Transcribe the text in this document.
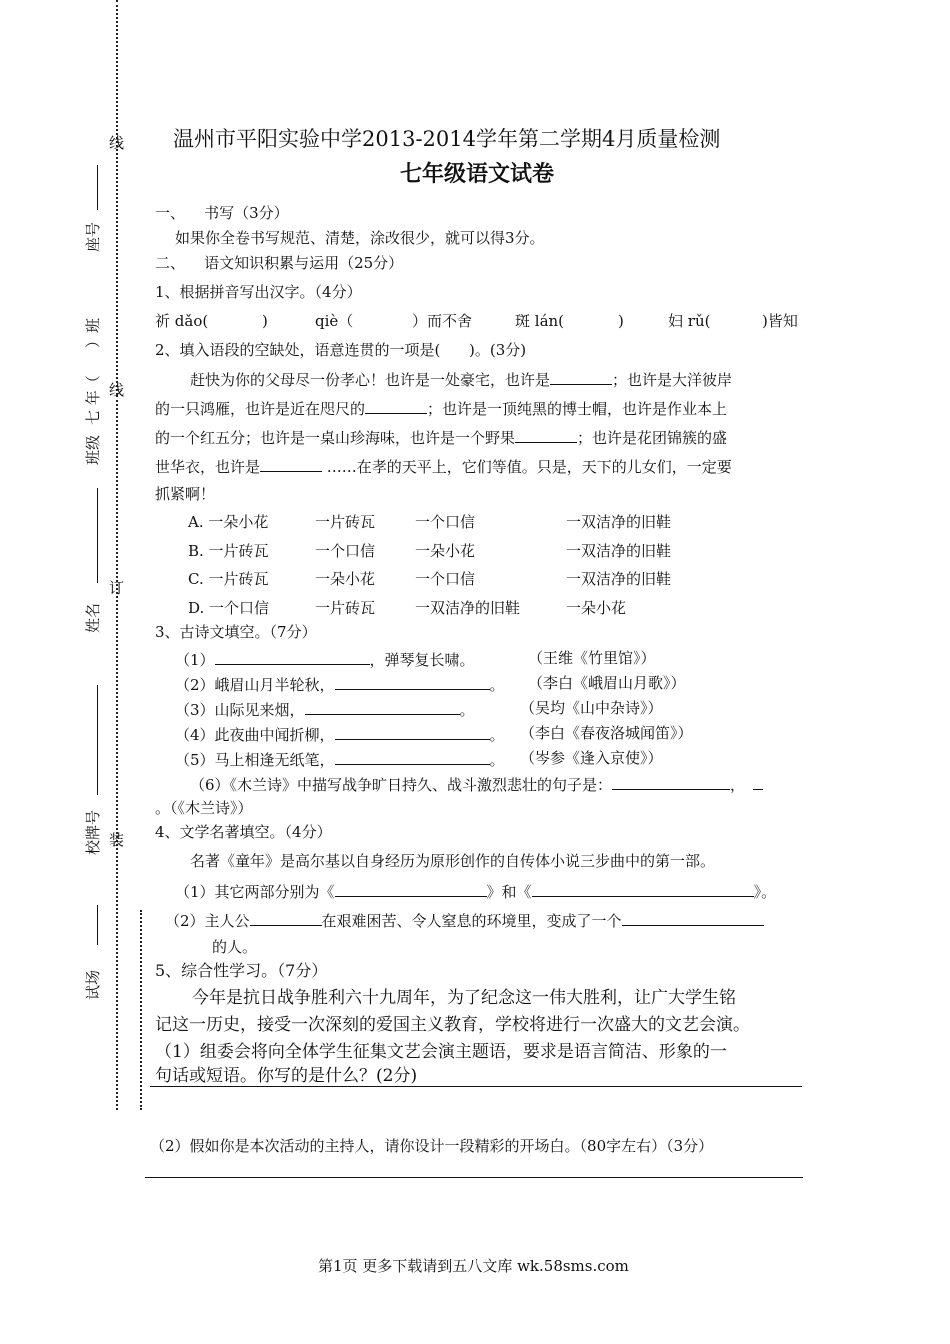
线
线
订
装
座号
）班
七 年（
班级
姓名
校牌号
试场
温州市平阳实验中学2013-2014学年第二学期4月质量检测
七年级语文试卷
一、    书写（3分）
如果你全卷书写规范、清楚，涂改很少，就可以得3分。
二、    语文知识积累与运用（25分）
1、根据拼音写出汉字。（4分）
祈 dǎo(	)	qiè（	）而不舍	斑 lán(	)	妇 rǔ(	)皆知
2、填入语段的空缺处，语意连贯的一项是(      )。(3分)
赶快为你的父母尽一份孝心！也许是一处豪宅，也许是	；也许是大洋彼岸
的一只鸿雁，也许是近在咫尺的	；也许是一顶纯黑的博士帽，也许是作业本上
的一个红五分；也许是一桌山珍海味，也许是一个野果	；也许是花团锦簇的盛
世华衣，也许是	……在孝的天平上，它们等值。只是，天下的儿女们，一定要
抓紧啊！
A. 一朵小花	一片砖瓦	一个口信	一双洁净的旧鞋
B. 一片砖瓦	一个口信	一朵小花	一双洁净的旧鞋
C. 一片砖瓦	一朵小花	一个口信	一双洁净的旧鞋
D. 一个口信	一片砖瓦	一双洁净的旧鞋	一朵小花
3、古诗文填空。（7分）
（1）	，弹琴复长啸。	（王维《竹里馆》）
（2）峨眉山月半轮秋，	。 （李白《峨眉山月歌》）
（3）山际见来烟，	。	（吴均《山中杂诗》）
（4）此夜曲中闻折柳，	。 （李白《春夜洛城闻笛》）
（5）马上相逢无纸笔，	。 （岑参《逢入京使》）
（6）《木兰诗》中描写战争旷日持久、战斗激烈悲壮的句子是：	，
。（《木兰诗》）
4、文学名著填空。（4分）
名著《童年》是高尔基以自身经历为原形创作的自传体小说三步曲中的第一部。
（1）其它两部分别为《	》和《	》。
（2）主人公	在艰难困苦、令人窒息的环境里，变成了一个
的人。
5、综合性学习。（7分）
今年是抗日战争胜利六十九周年，为了纪念这一伟大胜利，让广大学生铭
记这一历史，接受一次深刻的爱国主义教育，学校将进行一次盛大的文艺会演。
（1）组委会将向全体学生征集文艺会演主题语，要求是语言简洁、形象的一
句话或短语。你写的是什么？(2分)
（2）假如你是本次活动的主持人，请你设计一段精彩的开场白。（80字左右）（3分）
第1页 更多下载请到五八文库 wk.58sms.com
